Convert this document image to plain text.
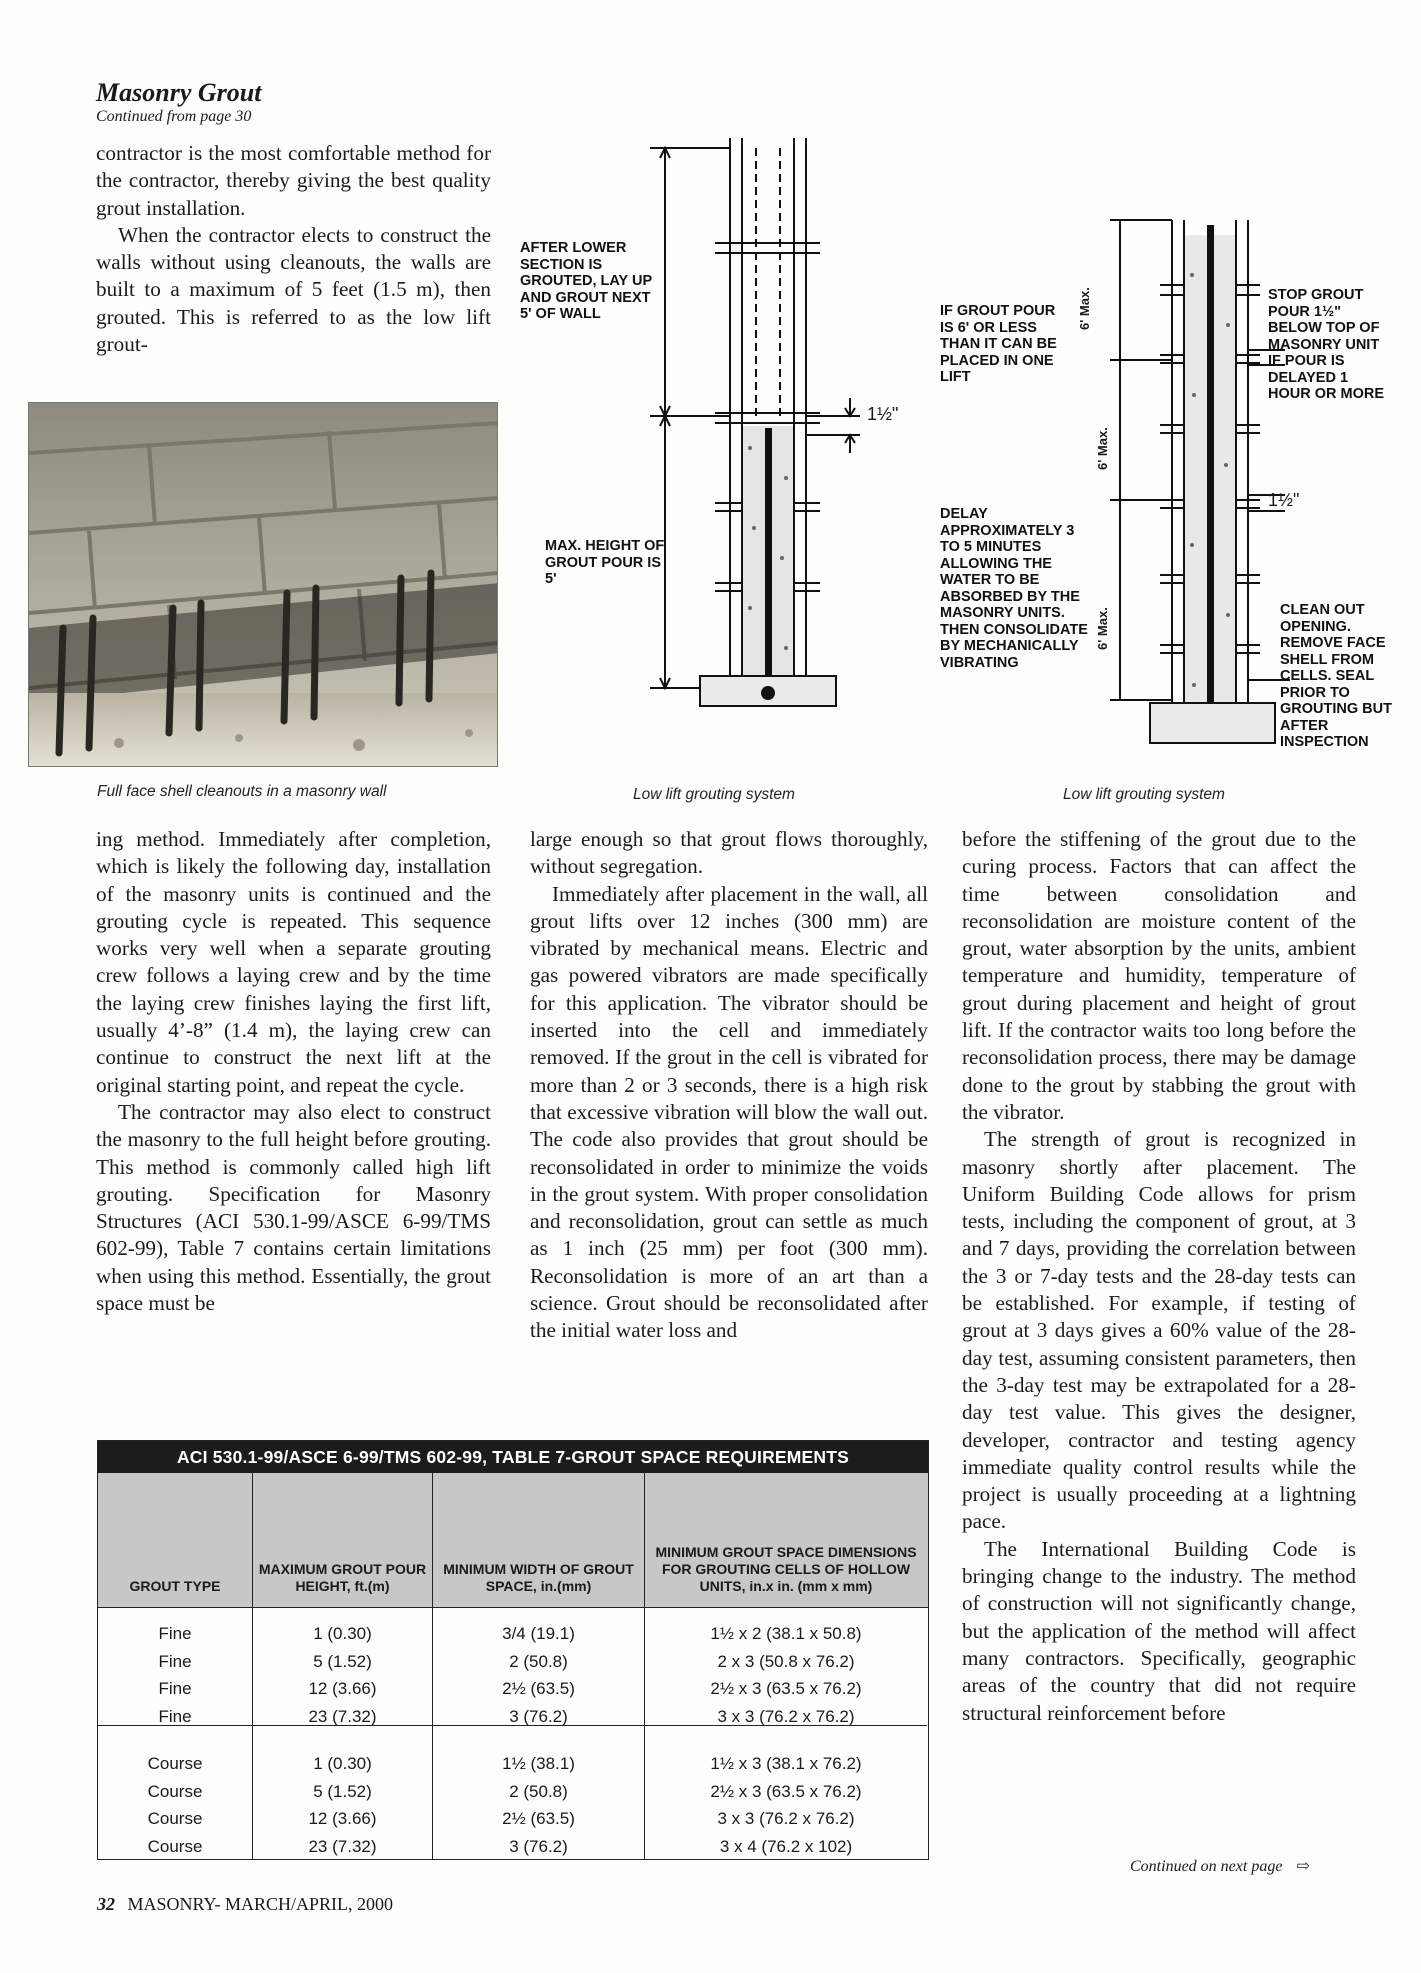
Masonry Grout
Continued from page 30

contractor is the most comfortable method for the contractor, thereby giving the best quality grout installation.

When the contractor elects to construct the walls without using cleanouts, the walls are built to a maximum of 5 feet (1.5 m), then grouted. This is referred to as the low lift grout-

Full face shell cleanouts in a masonry wall
AFTER LOWER SECTION IS GROUTED, LAY UP AND GROUT NEXT 5' OF WALL
MAX. HEIGHT OF GROUT POUR IS 5'
1½"
Low lift grouting system
6' Max.
6' Max.
6' Max.
IF GROUT POUR IS 6' OR LESS THAN IT CAN BE PLACED IN ONE LIFT
DELAY APPROXIMATELY 3 TO 5 MINUTES ALLOWING THE WATER TO BE ABSORBED BY THE MASONRY UNITS. THEN CONSOLIDATE BY MECHANICALLY VIBRATING
STOP GROUT POUR 1½" BELOW TOP OF MASONRY UNIT IF POUR IS DELAYED 1 HOUR OR MORE
CLEAN OUT OPENING. REMOVE FACE SHELL FROM CELLS. SEAL PRIOR TO GROUTING BUT AFTER INSPECTION
1½"
Low lift grouting system

ing method. Immediately after completion, which is likely the following day, installation of the masonry units is continued and the grouting cycle is repeated. This sequence works very well when a separate grouting crew follows a laying crew and by the time the laying crew finishes laying the first lift, usually 4’-8” (1.4 m), the laying crew can continue to construct the next lift at the original starting point, and repeat the cycle.

The contractor may also elect to construct the masonry to the full height before grouting. This method is commonly called high lift grouting. Specification for Masonry Structures (ACI 530.1-99/ASCE 6-99/TMS 602-99), Table 7 contains certain limitations when using this method. Essentially, the grout space must be

large enough so that grout flows thoroughly, without segregation.

Immediately after placement in the wall, all grout lifts over 12 inches (300 mm) are vibrated by mechanical means. Electric and gas powered vibrators are made specifically for this application. The vibrator should be inserted into the cell and immediately removed. If the grout in the cell is vibrated for more than 2 or 3 seconds, there is a high risk that excessive vibration will blow the wall out. The code also provides that grout should be reconsolidated in order to minimize the voids in the grout system. With proper consolidation and reconsolidation, grout can settle as much as 1 inch (25 mm) per foot (300 mm). Reconsolidation is more of an art than a science. Grout should be reconsolidated after the initial water loss and

before the stiffening of the grout due to the curing process. Factors that can affect the time between consolidation and reconsolidation are moisture content of the grout, water absorption by the units, ambient temperature and humidity, temperature of grout during placement and height of grout lift. If the contractor waits too long before the reconsolidation process, there may be damage done to the grout by stabbing the grout with the vibrator.

The strength of grout is recognized in masonry shortly after placement. The Uniform Building Code allows for prism tests, including the component of grout, at 3 and 7 days, providing the correlation between the 3 or 7-day tests and the 28-day tests can be established. For example, if testing of grout at 3 days gives a 60% value of the 28-day test, assuming consistent parameters, then the 3-day test may be extrapolated for a 28-day test value. This gives the designer, developer, contractor and testing agency immediate quality control results while the project is usually proceeding at a lightning pace.

The International Building Code is bringing change to the industry. The method of construction will not significantly change, but the application of the method will affect many contractors. Specifically, geographic areas of the country that did not require structural reinforcement before

Continued on next page ⇨
ACI 530.1-99/ASCE 6-99/TMS 602-99, TABLE 7-GROUT SPACE REQUIREMENTS
GROUT TYPE
MAXIMUM GROUT POUR HEIGHT, ft.(m)
MINIMUM WIDTH OF GROUT SPACE, in.(mm)
MINIMUM GROUT SPACE DIMENSIONS FOR GROUTING CELLS OF HOLLOW UNITS, in.x in. (mm x mm)
Fine
Fine
Fine
Fine
Course
Course
Course
Course
1 (0.30)
5 (1.52)
12 (3.66)
23 (7.32)
1 (0.30)
5 (1.52)
12 (3.66)
23 (7.32)
3/4 (19.1)
2 (50.8)
2½ (63.5)
3 (76.2)
1½ (38.1)
2 (50.8)
2½ (63.5)
3 (76.2)
1½ x 2 (38.1 x 50.8)
2 x 3 (50.8 x 76.2)
2½ x 3 (63.5 x 76.2)
3 x 3 (76.2 x 76.2)
1½ x 3 (38.1 x 76.2)
2½ x 3 (63.5 x 76.2)
3 x 3 (76.2 x 76.2)
3 x 4 (76.2 x 102)
32 MASONRY- MARCH/APRIL, 2000
